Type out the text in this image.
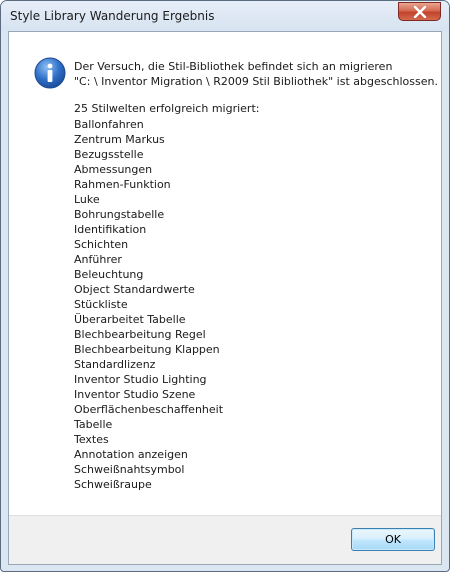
Style Library Wanderung Ergebnis
Der Versuch, die Stil-Bibliothek befindet sich an migrieren
"C: \ Inventor Migration \ R2009 Stil Bibliothek" ist abgeschlossen.
25 Stilwelten erfolgreich migriert:
Ballonfahren
Zentrum Markus
Bezugsstelle
Abmessungen
Rahmen-Funktion
Luke
Bohrungstabelle
Identifikation
Schichten
Anführer
Beleuchtung
Object Standardwerte
Stückliste
Überarbeitet Tabelle
Blechbearbeitung Regel
Blechbearbeitung Klappen
Standardlizenz
Inventor Studio Lighting
Inventor Studio Szene
Oberflächenbeschaffenheit
Tabelle
Textes
Annotation anzeigen
Schweißnahtsymbol
Schweißraupe
OK
